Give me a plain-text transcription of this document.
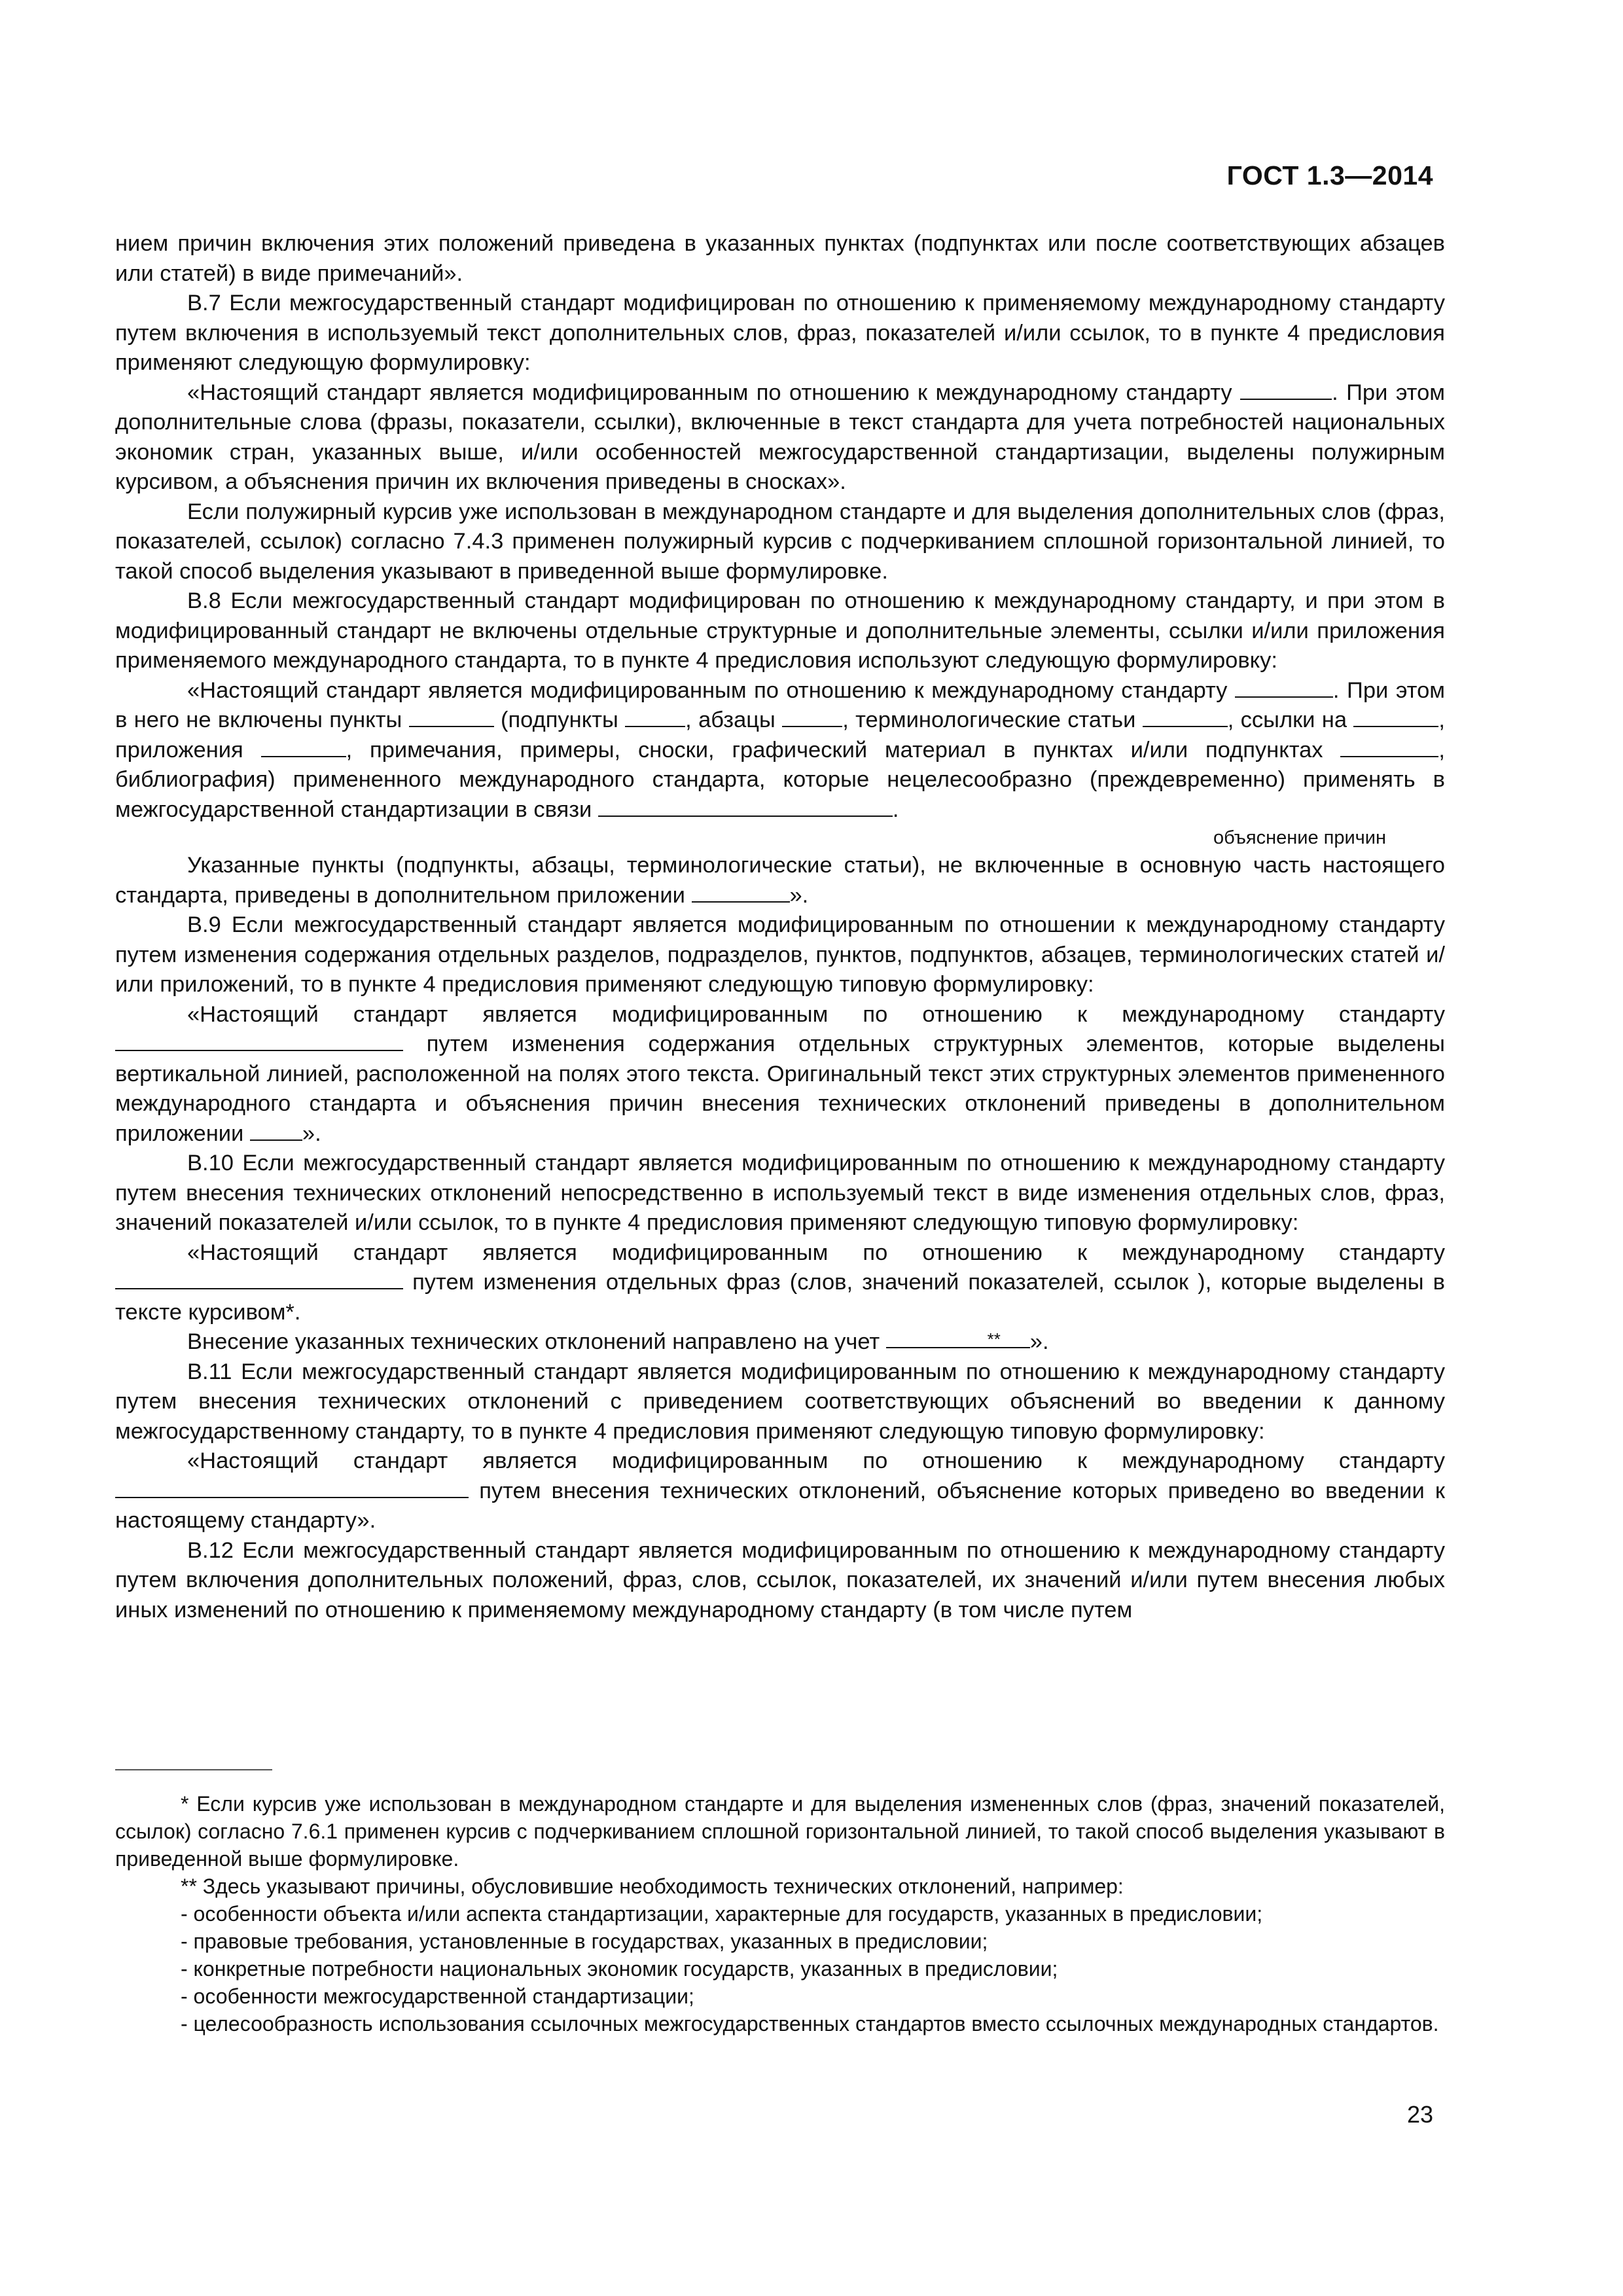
ГОСТ 1.3—2014

нием причин включения этих положений приведена в указанных пунктах (подпунктах или после соответствующих абзацев или статей) в виде примечаний».

В.7 Если межгосударственный стандарт модифицирован по отношению к применяемому международному стандарту путем включения в используемый текст дополнительных слов, фраз, показателей и/или ссылок, то в пункте 4 предисловия применяют следующую формулировку:

«Настоящий стандарт является модифицированным по отношению к международному стандарту	. При этом дополнительные слова (фразы, показатели, ссылки), включенные в текст стандарта для учета потребностей национальных экономик стран, указанных выше, и/или особенностей межгосударственной стандартизации, выделены полужирным курсивом, а объяснения причин их включения приведены в сносках».

Если полужирный курсив уже использован в международном стандарте и для выделения дополнительных слов (фраз, показателей, ссылок) согласно 7.4.3 применен полужирный курсив с подчеркиванием сплошной горизонтальной линией, то такой способ выделения указывают в приведенной выше формулировке.

В.8 Если межгосударственный стандарт модифицирован по отношению к международному стандарту, и при этом в модифицированный стандарт не включены отдельные структурные и дополнительные элементы, ссылки и/или приложения применяемого международного стандарта, то в пункте 4 предисловия используют следующую формулировку:

«Настоящий стандарт является модифицированным по отношению к международному стандарту	. При этом в него не включены пункты	(подпункты	, абзацы	, терминологические статьи	, ссылки на	, приложения	, примечания, примеры, сноски, графический материал в пунктах и/или подпунктах	, библиография) примененного международного стандарта, которые нецелесообразно (преждевременно) применять в межгосударственной стандартизации в связи	.

объяснение причин

Указанные пункты (подпункты, абзацы, терминологические статьи), не включенные в основную часть настоящего стандарта, приведены в дополнительном приложении	».

В.9 Если межгосударственный стандарт является модифицированным по отношении к международному стандарту путем изменения содержания отдельных разделов, подразделов, пунктов, подпунктов, абзацев, терминологических статей и/или приложений, то в пункте 4 предисловия применяют следующую типовую формулировку:

«Настоящий стандарт является модифицированным по отношению к международному стандарту  путем изменения содержания отдельных структурных элементов, которые выделены вертикальной линией, расположенной на полях этого текста. Оригинальный текст этих структурных элементов примененного международного стандарта и объяснения причин внесения технических отклонений приведены в дополнительном приложении	».

В.10 Если межгосударственный стандарт является модифицированным по отношению к международному стандарту путем внесения технических отклонений непосредственно в используемый текст в виде изменения отдельных слов, фраз, значений показателей и/или ссылок, то в пункте 4 предисловия применяют следующую типовую формулировку:

«Настоящий стандарт является модифицированным по отношению к международному стандарту  путем изменения отдельных фраз (слов, значений показателей, ссылок ), которые выделены в тексте курсивом*.

Внесение указанных технических отклонений направлено на учет	** ».

В.11 Если межгосударственный стандарт является модифицированным по отношению к международному стандарту путем внесения технических отклонений с приведением соответствующих объяснений во введении к данному межгосударственному стандарту, то в пункте 4 предисловия применяют следующую типовую формулировку:

«Настоящий стандарт является модифицированным по отношению к международному стандарту  путем внесения технических отклонений, объяснение которых приведено во введении к настоящему стандарту».

В.12 Если межгосударственный стандарт является модифицированным по отношению к международному стандарту путем включения дополнительных положений, фраз, слов, ссылок, показателей, их значений и/или путем внесения любых иных изменений по отношению к применяемому международному стандарту (в том числе путем

* Если курсив уже использован в международном стандарте и для выделения измененных слов (фраз, значений показателей, ссылок) согласно 7.6.1 применен курсив с подчеркиванием сплошной горизонтальной линией, то такой способ выделения указывают в приведенной выше формулировке.

** Здесь указывают причины, обусловившие необходимость технических отклонений, например:

- особенности объекта и/или аспекта стандартизации, характерные для государств, указанных в предисловии;

- правовые требования, установленные в государствах, указанных в предисловии;

- конкретные потребности национальных экономик государств, указанных в предисловии;

- особенности межгосударственной стандартизации;

- целесообразность использования ссылочных межгосударственных стандартов вместо ссылочных международных стандартов.

23
